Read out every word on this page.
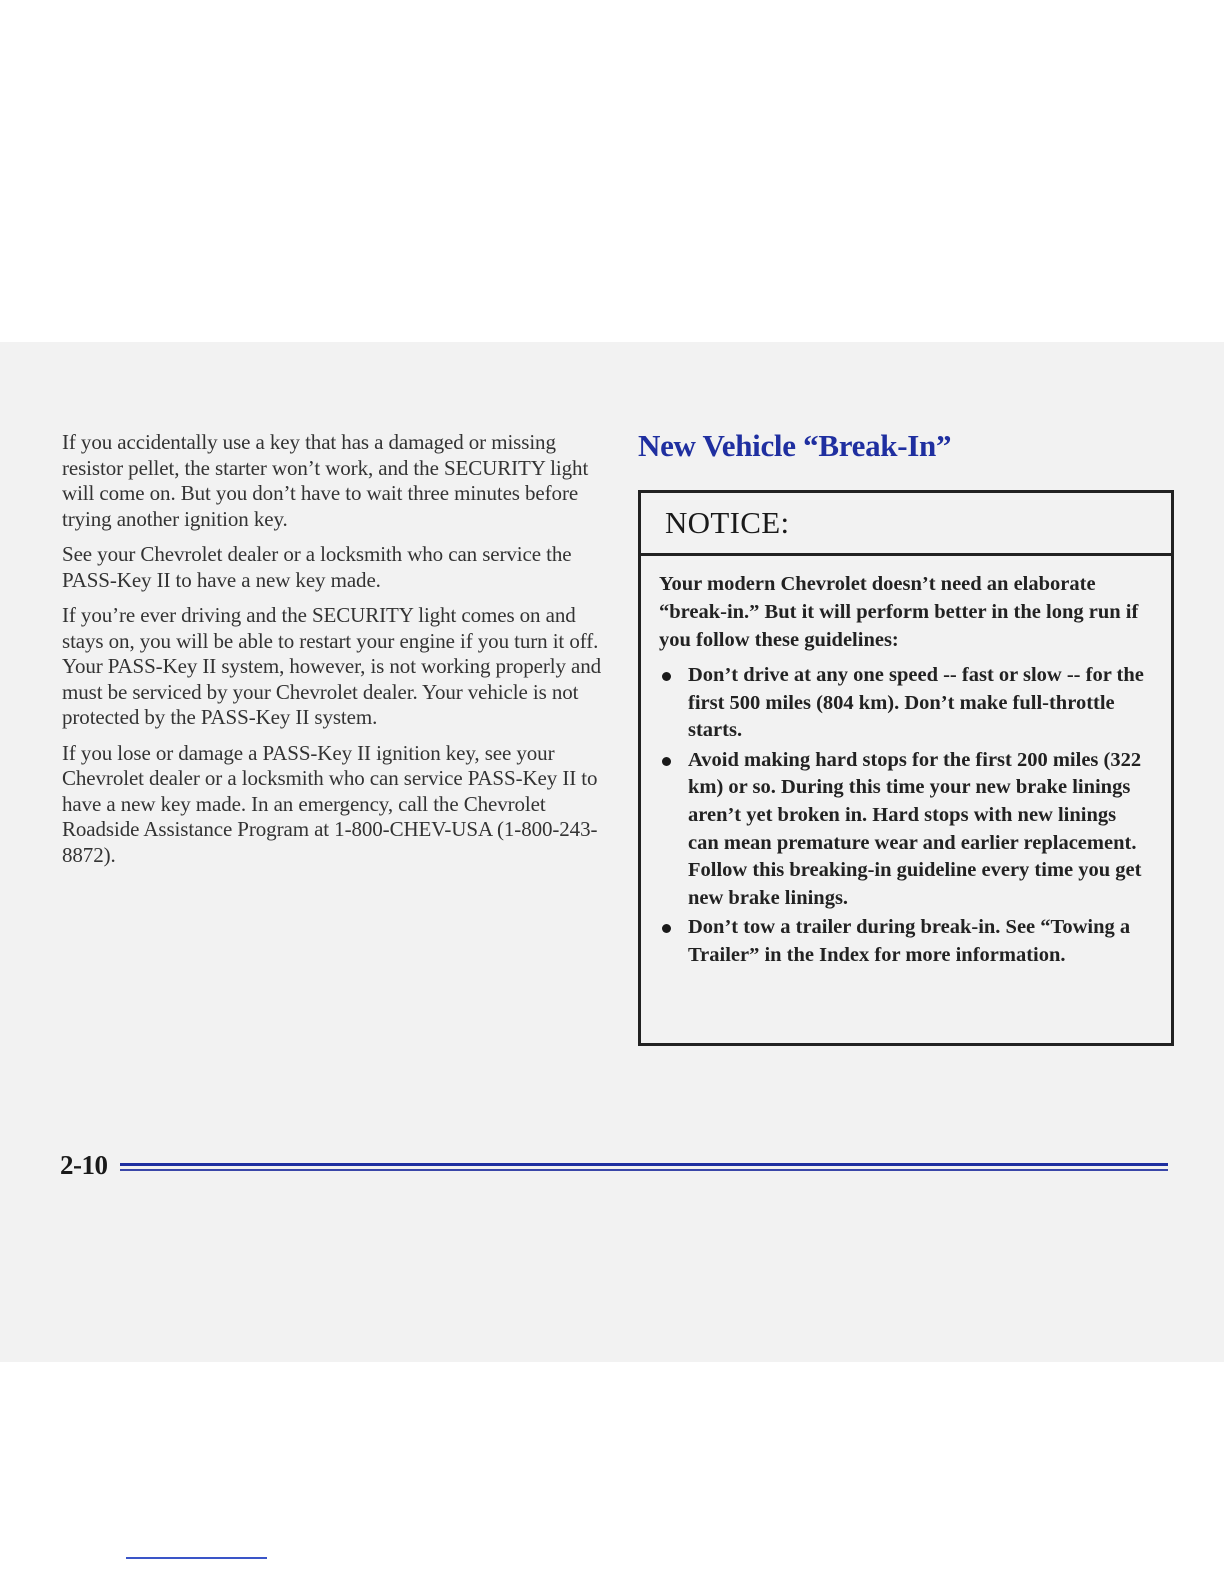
If you accidentally use a key that has a damaged or missing resistor pellet, the starter won’t work, and the SECURITY light will come on. But you don’t have to wait three minutes before trying another ignition key.

See your Chevrolet dealer or a locksmith who can service the PASS-Key II to have a new key made.

If you’re ever driving and the SECURITY light comes on and stays on, you will be able to restart your engine if you turn it off. Your PASS-Key II system, however, is not working properly and must be serviced by your Chevrolet dealer. Your vehicle is not protected by the PASS-Key II system.

If you lose or damage a PASS-Key II ignition key, see your Chevrolet dealer or a locksmith who can service PASS-Key II to have a new key made. In an emergency, call the Chevrolet Roadside Assistance Program at 1-800-CHEV-USA (1-800-243-8872).

New Vehicle “Break-In”
NOTICE:

Your modern Chevrolet doesn’t need an elaborate “break-in.” But it will perform better in the long run if you follow these guidelines:

Don’t drive at any one speed -- fast or slow -- for the first 500 miles (804 km). Don’t make full-throttle starts.
Avoid making hard stops for the first 200 miles (322 km) or so. During this time your new brake linings aren’t yet broken in. Hard stops with new linings can mean premature wear and earlier replacement. Follow this breaking-in guideline every time you get new brake linings.
Don’t tow a trailer during break-in. See “Towing a Trailer” in the Index for more information.
2-10
